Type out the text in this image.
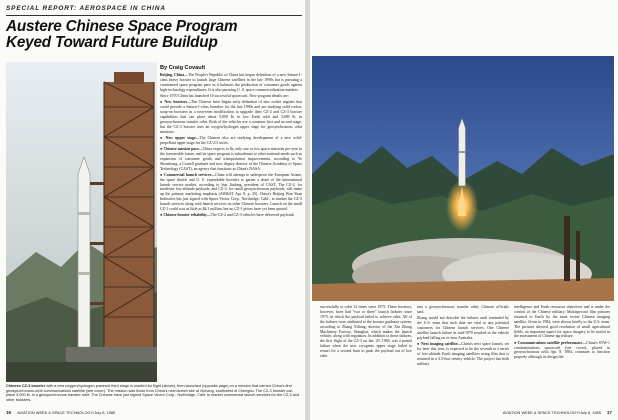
SPECIAL REPORT: AEROSPACE IN CHINA
Austere Chinese Space Program
Keyed Toward Future Buildup
Chinese CZ-3 booster with a new oxygen/hydrogen-powered third stage is readied for flight (above), then launched (opposite page) on a mission that carried China's first geosynchronous-orbit communications satellite (see cover). The mission was flown from China's new launch site at Xichang, southwest of Chengdu. The CZ-3 booster can place 3,000 lb. in a geosynchronous transfer orbit. The Chinese have just signed Space Vector Corp., Northridge, Calif. to market commercial launch services for the CZ-3 and other boosters.
By Craig Covault

Beijing, China—The People's Republic of China has begun definition of a new Saturn-1-class heavy booster to launch large Chinese satellites in the late 1990s but is pursuing a constrained space program pace as it balances the production of consumer goods against high-technology expenditures. It is also pursuing U. S. space commercialization markets.

Since 1970 China has launched 16 successful spacecraft. New program details are:

● New boosters—The Chinese have begun early definition of new rocket engines that could provide a Saturn-1-class launcher for the late 1990s and are studying solid rocket, strap-on boosters as a near-term modification to upgrade their CZ-2 and CZ-3 booster capabilities that can place about 5,000 lb. in low Earth orbit and 3,000 lb. in geosynchronous transfer orbit. Both of the vehicles use a common first and second stage, but the CZ-3 booster uses an oxygen/hydrogen upper stage for geosynchronous orbit missions.

● New upper stage—The Chinese also are studying development of a new solid-propellant upper stage for the CZ-2/3 series.

● Chinese mission pace—China expects to fly only one or two space missions per year in the foreseeable future, and its space program is subordinate to other national needs such as expansion of consumer goods and transportation improvements, according to Ye Shenzhong, a Cornell graduate and now deputy director of the Chinese Academy of Space Technology (CAST), an agency that functions as China's NASA.

● Commercial launch services—China will attempt to underprice the European Ariane, the space shuttle and U. S. expendable boosters to garner a share of the international launch service market, according to Sun Jiadong, president of CAST. The CZ-2, for moderate low-altitude payloads, and CZ-3, for small geosynchronous payloads, will make up the primary marketing emphasis (AW&ST Apr. 8, p. 25). China's Beijing Wan Yuan Industries has just signed with Space Vector Corp., Northridge, Calif., to market the CZ-3 launch services along with launch services on other Chinese boosters. Launch on the small CZ-1 could cost as little as $4.1 million, but no CZ-1 prices have yet been quoted.

● Chinese booster reliability—The CZ-2 and CZ-3 vehicles have delivered payloads

16 AVIATION WEEK & SPACE TECHNOLOGY/July 8, 1985

successfully to orbit 12 times since 1975. These boosters, however, have had "two or three" launch failures since 1975, in which the payload failed to achieve orbit. All of the failures were attributed to the booster guidance system, according to Zhang Xiliang, director of the Xin Zhong Machinery Factory, Shanghai, which makes the launch vehicle, along with regulators. In addition to those failures, the first flight of the CZ-3 on Jan. 29, 1984, was a partial failure when the new cryogenic upper stage failed to restart for a second burn to push the payload out of low orbit

into a geosynchronous transfer orbit, Chinese officials said.

Zhang would not describe the failures until reminded by the U.S. team that such data are vital to any potential customers for Chinese launch services. One Chinese satellite launch failure in mid-1979 resulted in the vehicle payload falling on or near Australia.

● Next imaging satellite—China's next space launch, set for later this year, is expected to be the seventh in a series of low-altitude Earth imaging satellites using film that is returned in a 3.5-foot reentry vehicle. The project has both military

intelligence and Earth resources objectives and is under the control of the Chinese military. Multispectral film pictures returned to Earth by the most recent Chinese imaging satellite, flown in 1984, were shown briefly to the U.S. team. The pictures showed good resolution of small agricultural fields, an important aspect for space imagery to be useful in the assessment of Chinese agriculture.

● Communications satellite performance—China's STW-1 communications spacecraft (see cover), placed in geosynchronous orbit Apr. 8, 1984, continues to function properly although its design life

AVIATION WEEK & SPACE TECHNOLOGY/July 8, 1985 17
